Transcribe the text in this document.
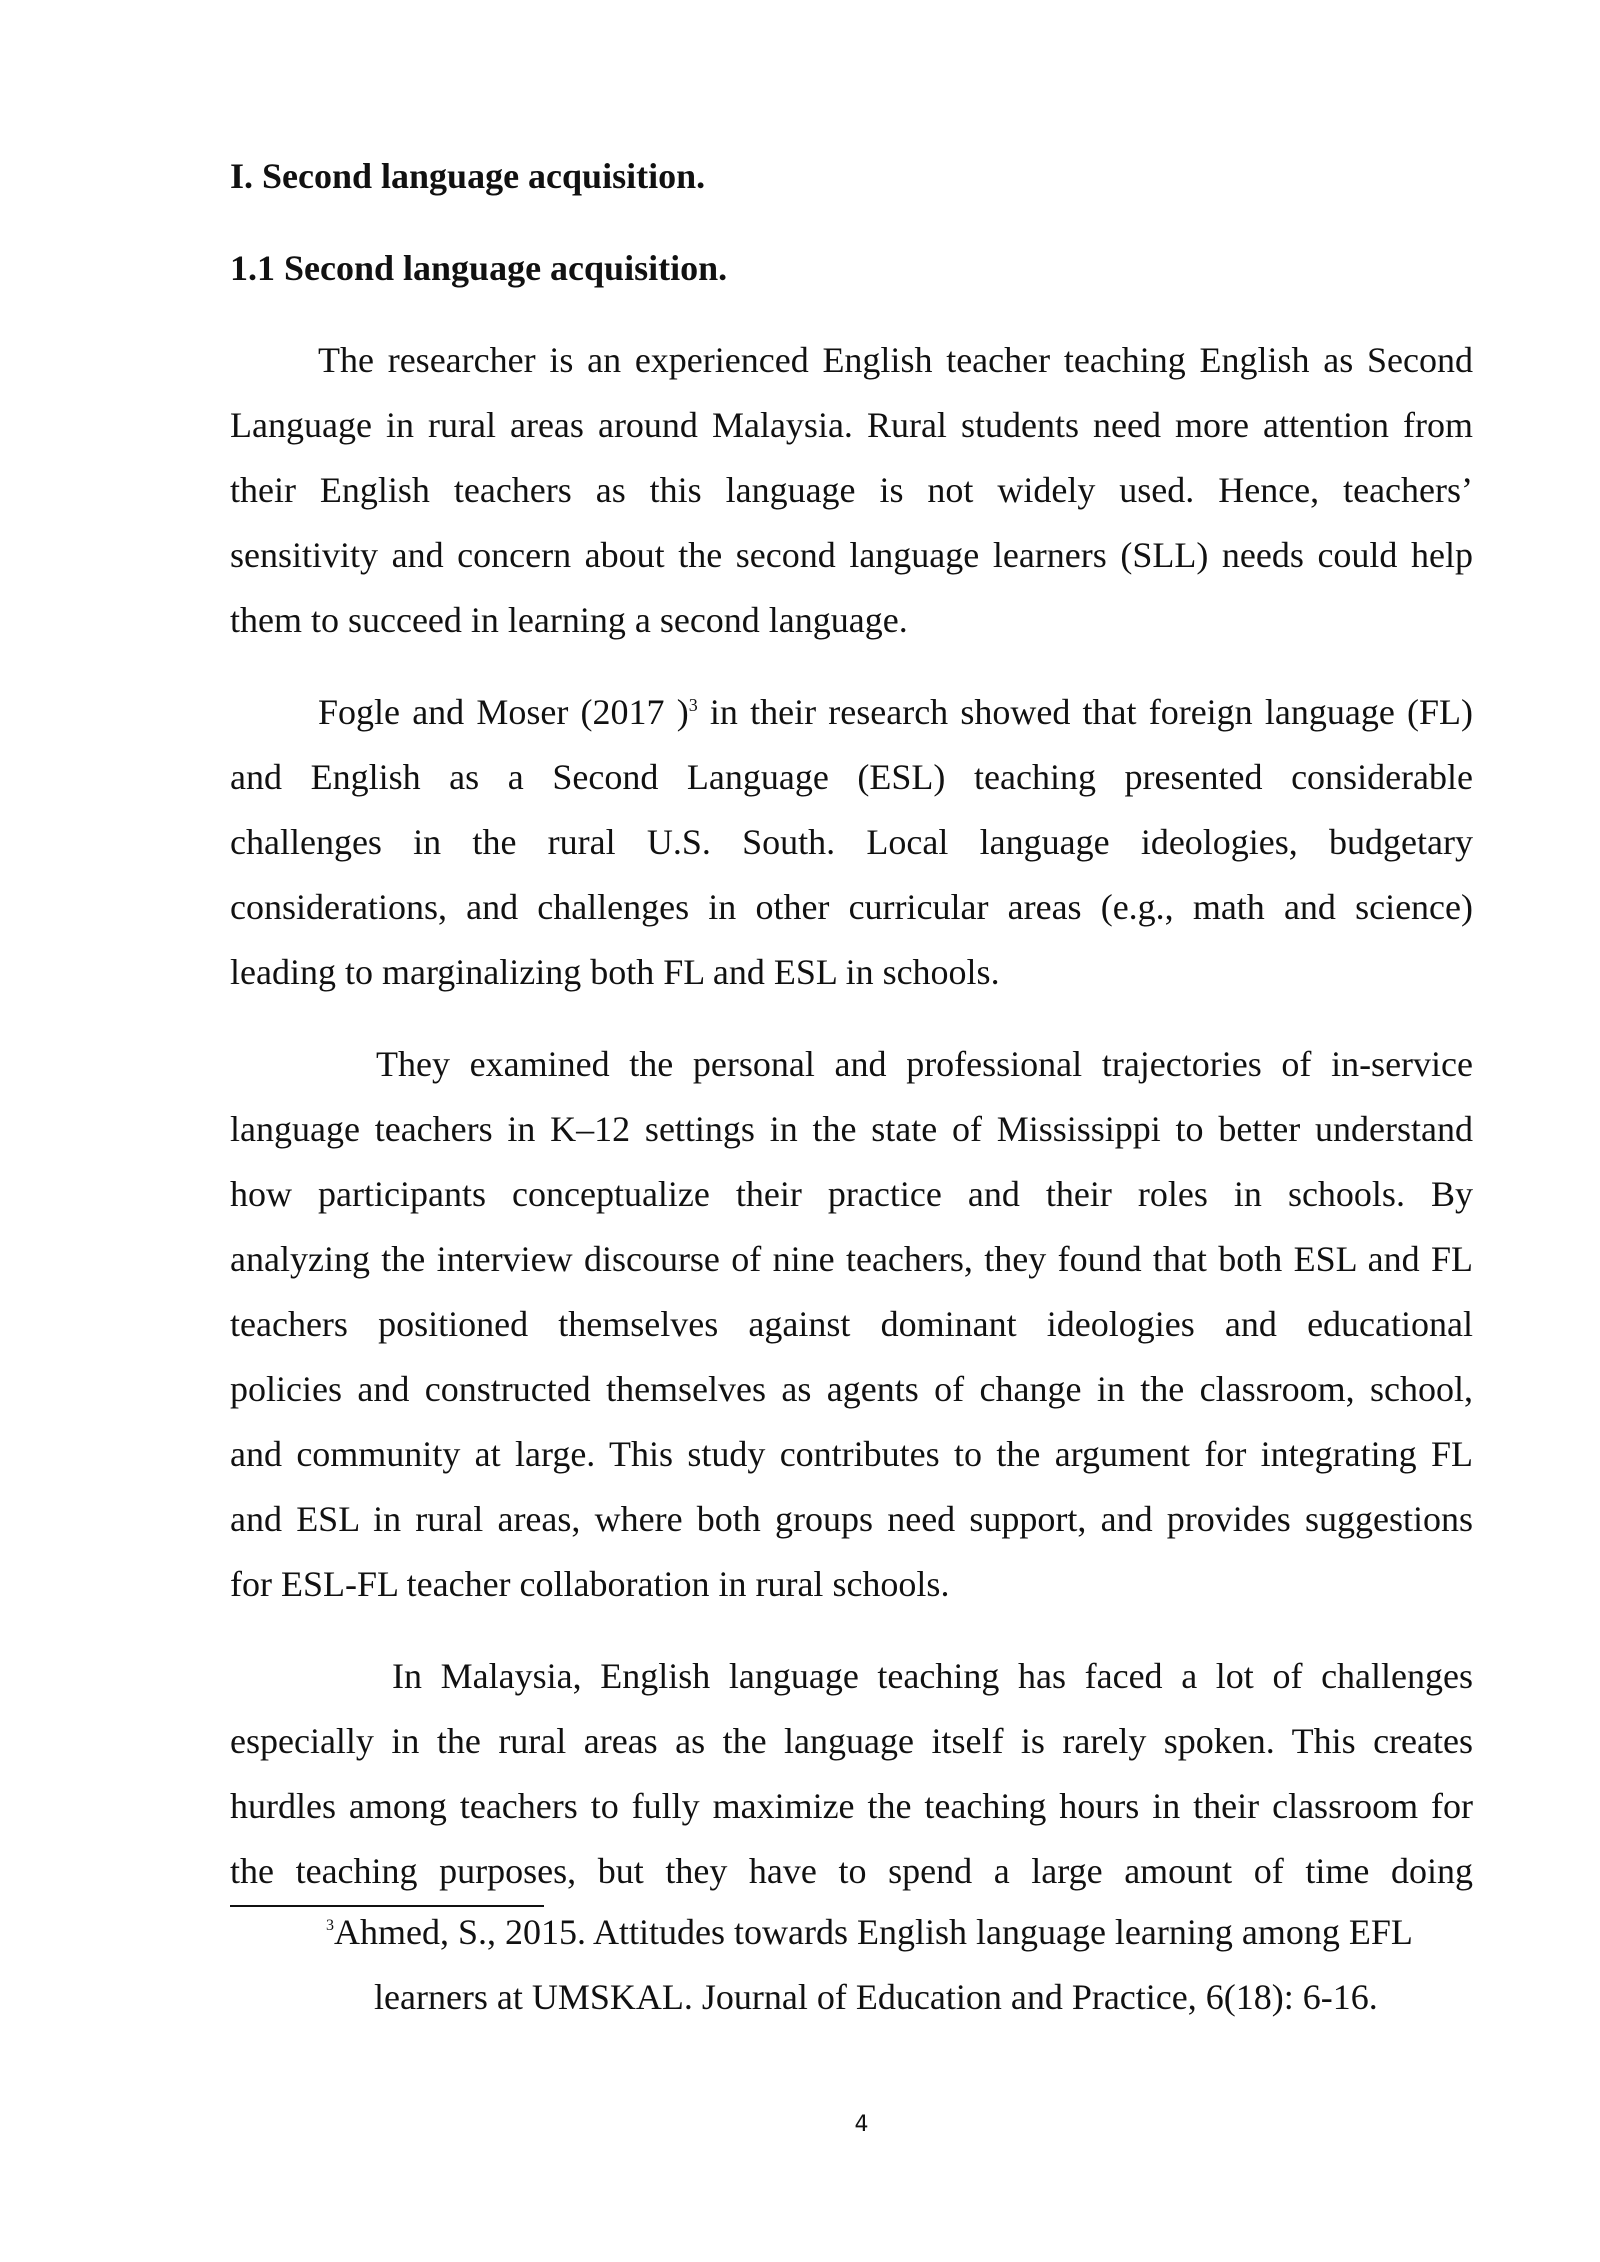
I. Second language acquisition.
1.1 Second language acquisition.
The researcher is an experienced English teacher teaching English as Second
Language in rural areas around Malaysia. Rural students need more attention from
their English teachers as this language is not widely used. Hence, teachers’
sensitivity and concern about the second language learners (SLL) needs could help
them to succeed in learning a second language.
Fogle and Moser (2017 )$^3$ in their research showed that foreign language (FL)
and English as a Second Language (ESL) teaching presented considerable
challenges in the rural U.S. South. Local language ideologies, budgetary
considerations, and challenges in other curricular areas (e.g., math and science)
leading to marginalizing both FL and ESL in schools.
They examined the personal and professional trajectories of in-service
language teachers in K–12 settings in the state of Mississippi to better understand
how participants conceptualize their practice and their roles in schools. By
analyzing the interview discourse of nine teachers, they found that both ESL and FL
teachers positioned themselves against dominant ideologies and educational
policies and constructed themselves as agents of change in the classroom, school,
and community at large. This study contributes to the argument for integrating FL
and ESL in rural areas, where both groups need support, and provides suggestions
for ESL-FL teacher collaboration in rural schools.
In Malaysia, English language teaching has faced a lot of challenges
especially in the rural areas as the language itself is rarely spoken. This creates
hurdles among teachers to fully maximize the teaching hours in their classroom for
the teaching purposes, but they have to spend a large amount of time doing
$^3$Ahmed, S., 2015. Attitudes towards English language learning among EFL
learners at UMSKAL. Journal of Education and Practice, 6(18): 6-16.
4
